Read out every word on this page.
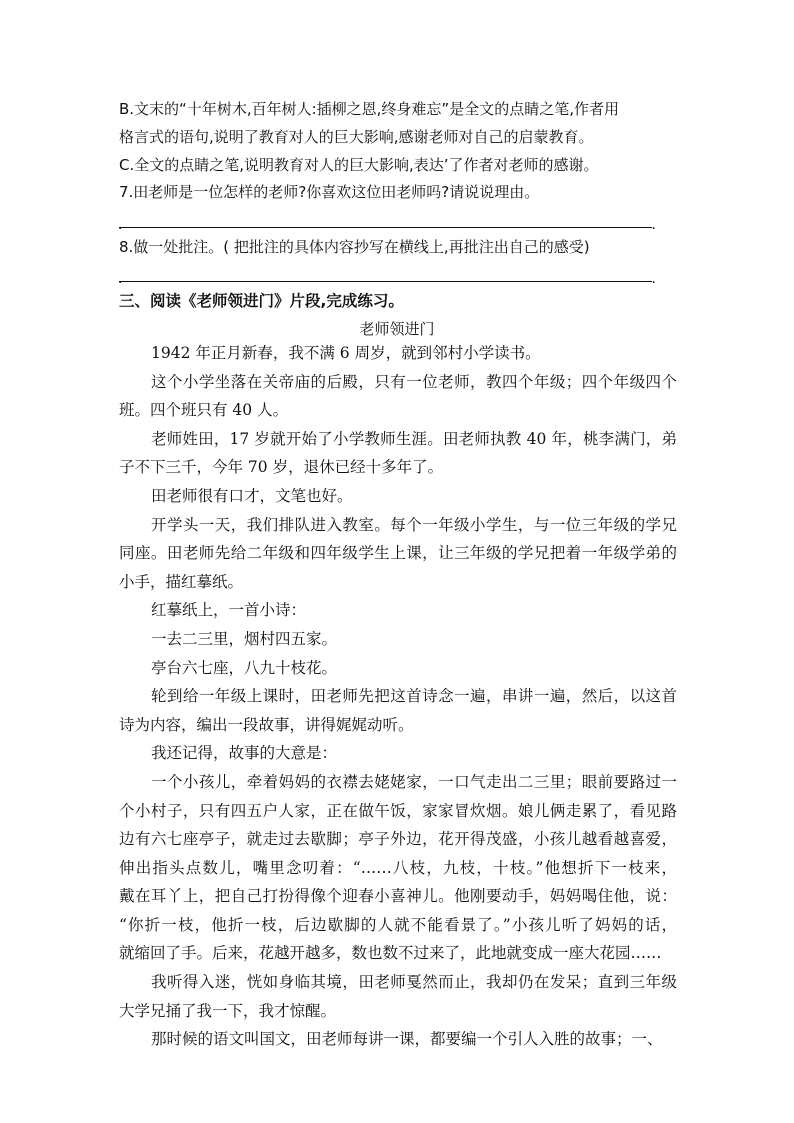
B.文末的“十年树木,百年树人:插柳之恩,终身难忘”是全文的点睛之笔,作者用
格言式的语句,说明了教育对人的巨大影响,感谢老师对自己的启蒙教育。
C.全文的点睛之笔,说明教育对人的巨大影响,表达’了作者对老师的感谢。
7.田老师是一位怎样的老师?你喜欢这位田老师吗?请说说理由。
.	.
8.做一处批注。( 把批注的具体内容抄写在横线上,再批注出自己的感受)
.	.
三、阅读《老师领进门》片段,完成练习。
老师领进门
1942 年正月新春，我不满 6 周岁，就到邻村小学读书。
这个小学坐落在关帝庙的后殿，只有一位老师，教四个年级；四个年级四个
班。四个班只有 40 人。
老师姓田，17 岁就开始了小学教师生涯。田老师执教 40 年，桃李满门，弟
子不下三千，今年 70 岁，退休已经十多年了。
田老师很有口才，文笔也好。
开学头一天，我们排队进入教室。每个一年级小学生，与一位三年级的学兄
同座。田老师先给二年级和四年级学生上课，让三年级的学兄把着一年级学弟的
小手，描红摹纸。
红摹纸上，一首小诗：
一去二三里，烟村四五家。
亭台六七座，八九十枝花。
轮到给一年级上课时，田老师先把这首诗念一遍，串讲一遍，然后，以这首
诗为内容，编出一段故事，讲得娓娓动听。
我还记得，故事的大意是：
一个小孩儿，牵着妈妈的衣襟去姥姥家，一口气走出二三里；眼前要路过一
个小村子，只有四五户人家，正在做午饭，家家冒炊烟。娘儿俩走累了，看见路
边有六七座亭子，就走过去歇脚；亭子外边，花开得茂盛，小孩儿越看越喜爱，
伸出指头点数儿，嘴里念叨着：“……八枝，九枝，十枝。”他想折下一枝来，
戴在耳丫上，把自己打扮得像个迎春小喜神儿。他刚要动手，妈妈喝住他，说：
“你折一枝，他折一枝，后边歇脚的人就不能看景了。”小孩儿听了妈妈的话，
就缩回了手。后来，花越开越多，数也数不过来了，此地就变成一座大花园……
我听得入迷，恍如身临其境，田老师戛然而止，我却仍在发呆；直到三年级
大学兄捅了我一下，我才惊醒。
那时候的语文叫国文，田老师每讲一课，都要编一个引人入胜的故事；一、
